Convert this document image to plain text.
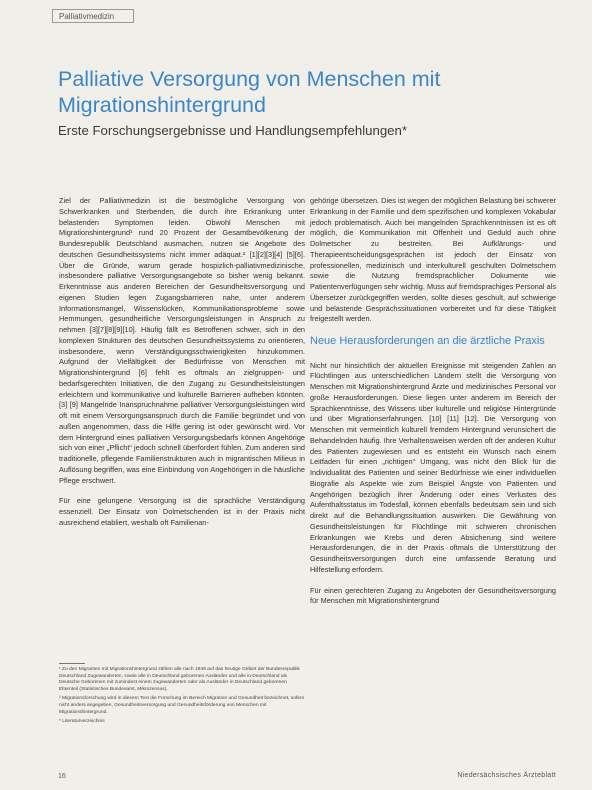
Palliativmedizin
Palliative Versorgung von Menschen mit Migrationshintergrund
Erste Forschungsergebnisse und Handlungsempfehlungen*

Ziel der Palliativmedizin ist die bestmögliche Versorgung von Schwerkranken und Sterbenden, die durch ihre Erkrankung unter belastenden Symptomen leiden. Obwohl Menschen mit Migrationshintergrund¹ rund 20 Prozent der Gesamtbevölkerung der Bundesrepublik Deutschland ausmachen, nutzen sie Angebote des deutschen Gesundheitssystems nicht immer adäquat.² [1][2][3][4] [5][6]. Über die Gründe, warum gerade hospizlich-palliativmedizinische, insbesondere palliative Versorgungsangebote so bisher wenig bekannt. Erkenntnisse aus anderen Bereichen der Gesundheitsversorgung und eigenen Studien legen Zugangsbarrieren nahe, unter anderem Informationsmangel, Wissenslücken, Kommunikationsprobleme sowie Hemmungen, gesundheitliche Versorgungsleistungen in Anspruch zu nehmen [3][7][8][9][10]. Häufig fällt es Betroffenen schwer, sich in den komplexen Strukturen des deutschen Gesundheitssystems zu orientieren, insbesondere, wenn Verständigungsschwierigkeiten hinzukommen. Aufgrund der Vielfältigkeit der Bedürfnisse von Menschen mit Migrationshintergrund [6] fehlt es oftmals an zielgruppen- und bedarfsgerechten Initiativen, die den Zugang zu Gesundheitsleistungen erleichtern und kommunikative und kulturelle Barrieren aufheben könnten. [3] [9] Mangelnde Inanspruchnahme palliativer Versorgungsleistungen wird oft mit einem Versorgungsanspruch durch die Familie begründet und von außen angenommen, dass die Hilfe gering ist oder gewünscht wird. Vor dem Hintergrund eines palliativen Versorgungsbedarfs können Angehörige sich von einer „Pflicht“ jedoch schnell überfordert fühlen. Zum anderen sind traditionelle, pflegende Familienstrukturen auch in migrantischen Milieus in Auflösung begriffen, was eine Einbindung von Angehörigen in die häusliche Pflege erschwert.

Für eine gelungene Versorgung ist die sprachliche Verständigung essenziell. Der Einsatz von Dolmetschenden ist in der Praxis nicht ausreichend etabliert, weshalb oft Familienan-

¹ Zu den Migranten mit Migrationshintergrund zählen alle nach 1949 auf das heutige Gebiet der Bundesrepublik Deutschland Zugewanderten, sowie alle in Deutschland geborenen Ausländer und alle in Deutschland als Deutsche Geborenen mit zumindest einem zugewanderten oder als Ausländer in Deutschland geborenen Elternteil (Statistisches Bundesamt, Mikrozensus).

² Migrationsforschung wird in diesem Text die Forschung im Bereich Migration und Gesundheit bezeichnet, sofern nicht anders angegeben, Gesundheitsversorgung und Gesundheitsförderung von Menschen mit Migrationshintergrund.

* Literaturverzeichnis

gehörige übersetzen. Dies ist wegen der möglichen Belastung bei schwerer Erkrankung in der Familie und dem spezifischen und komplexen Vokabular jedoch problematisch. Auch bei mangelnden Sprachkenntnissen ist es oft möglich, die Kommunikation mit Offenheit und Geduld auch ohne Dolmetscher zu bestreiten. Bei Aufklärungs- und Therapieentscheidungsgesprächen ist jedoch der Einsatz von professionellen, medizinisch und interkulturell geschulten Dolmetschern sowie die Nutzung fremdsprachlicher Dokumente wie Patientenverfügungen sehr wichtig. Muss auf fremdsprachiges Personal als Übersetzer zurückgegriffen werden, sollte dieses geschult, auf schwierige und belastende Gesprächssituationen vorbereitet und für diese Tätigkeit freigestellt werden.

Neue Herausforderungen an die ärztliche Praxis

Nicht nur hinsichtlich der aktuellen Ereignisse mit steigenden Zahlen an Flüchtlingen aus unterschiedlichen Ländern stellt die Versorgung von Menschen mit Migrationshintergrund Ärzte und medizinisches Personal vor große Herausforderungen. Diese liegen unter anderem im Bereich der Sprachkenntnisse, des Wissens über kulturelle und religiöse Hintergründe und über Migrationserfahrungen. [10] [11] [12]. Die Versorgung von Menschen mit vermeintlich kulturell fremdem Hintergrund verunsichert die Behandelnden häufig. Ihre Verhaltensweisen werden oft der anderen Kultur des Patienten zugewiesen und es entsteht ein Wunsch nach einem Leitfaden für einen „richtigen“ Umgang, was nicht den Blick für die Individualität des Patienten und seiner Bedürfnisse wie einer individuellen Biografie als Aspekte wie zum Beispiel Ängste von Patienten und Angehörigen bezüglich ihrer Änderung oder eines Verlustes des Aufenthaltsstatus im Todesfall, können ebenfalls bedeutsam sein und sich direkt auf die Behandlungssituation auswirken. Die Gewährung von Gesundheitsleistungen für Flüchtlinge mit schweren chronischen Erkrankungen wie Krebs und deren Absicherung sind weitere Herausforderungen, die in der Praxis oftmals die Unterstützung der Gesundheitsversorgungen durch eine umfassende Beratung und Hilfestellung erfordern.

Für einen gerechteren Zugang zu Angeboten der Gesundheitsversorgung für Menschen mit Migrationshintergrund

16	Niedersächsisches Ärzteblatt
